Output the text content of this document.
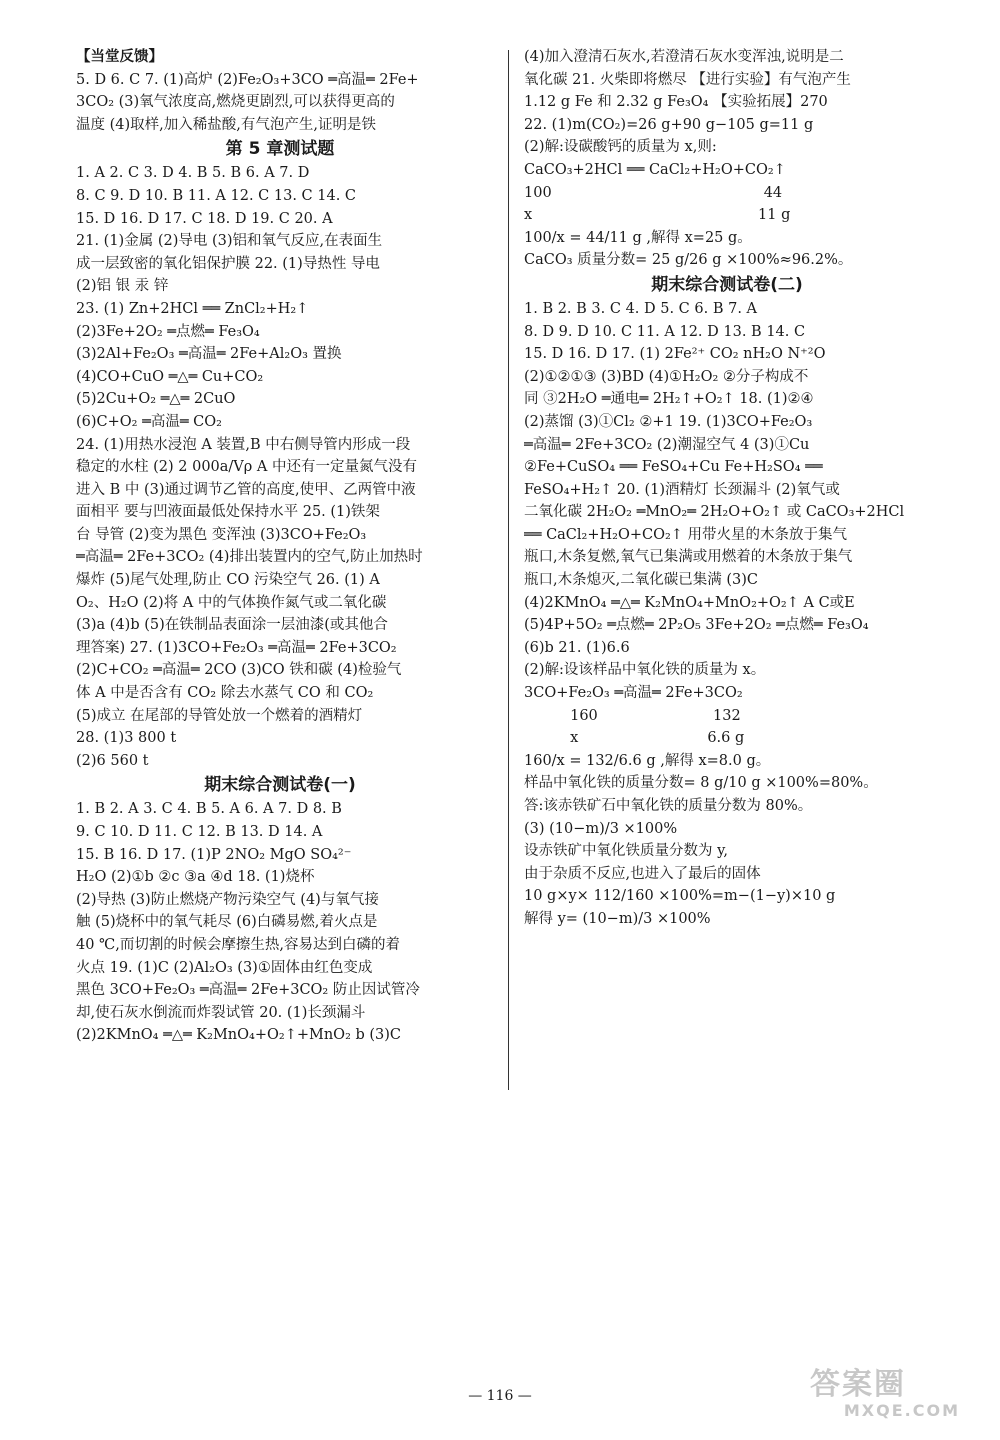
【当堂反馈】
5. D 6. C 7. (1)高炉 (2)Fe₂O₃+3CO ═高温═ 2Fe+
3CO₂ (3)氧气浓度高,燃烧更剧烈,可以获得更高的
温度 (4)取样,加入稀盐酸,有气泡产生,证明是铁
第 5 章测试题
1. A 2. C 3. D 4. B 5. B 6. A 7. D
8. C 9. D 10. B 11. A 12. C 13. C 14. C
15. D 16. D 17. C 18. D 19. C 20. A
21. (1)金属 (2)导电 (3)铝和氧气反应,在表面生
成一层致密的氧化铝保护膜 22. (1)导热性 导电
(2)铝 银 汞 锌
23. (1) Zn+2HCl ══ ZnCl₂+H₂↑
(2)3Fe+2O₂ ═点燃═ Fe₃O₄
(3)2Al+Fe₂O₃ ═高温═ 2Fe+Al₂O₃ 置换
(4)CO+CuO ═△═ Cu+CO₂
(5)2Cu+O₂ ═△═ 2CuO
(6)C+O₂ ═高温═ CO₂
24. (1)用热水浸泡 A 装置,B 中右侧导管内形成一段
稳定的水柱 (2) 2 000a/Vρ A 中还有一定量氮气没有
进入 B 中 (3)通过调节乙管的高度,使甲、乙两管中液
面相平 要与凹液面最低处保持水平 25. (1)铁架
台 导管 (2)变为黑色 变浑浊 (3)3CO+Fe₂O₃
═高温═ 2Fe+3CO₂ (4)排出装置内的空气,防止加热时
爆炸 (5)尾气处理,防止 CO 污染空气 26. (1) A
O₂、H₂O (2)将 A 中的气体换作氮气或二氧化碳
(3)a (4)b (5)在铁制品表面涂一层油漆(或其他合
理答案) 27. (1)3CO+Fe₂O₃ ═高温═ 2Fe+3CO₂
(2)C+CO₂ ═高温═ 2CO (3)CO 铁和碳 (4)检验气
体 A 中是否含有 CO₂ 除去水蒸气 CO 和 CO₂
(5)成立 在尾部的导管处放一个燃着的酒精灯
28. (1)3 800 t
(2)6 560 t
期末综合测试卷(一)
1. B 2. A 3. C 4. B 5. A 6. A 7. D 8. B
9. C 10. D 11. C 12. B 13. D 14. A
15. B 16. D 17. (1)P 2NO₂ MgO SO₄²⁻
H₂O (2)①b ②c ③a ④d 18. (1)烧杯
(2)导热 (3)防止燃烧产物污染空气 (4)与氧气接
触 (5)烧杯中的氧气耗尽 (6)白磷易燃,着火点是
40 ℃,而切割的时候会摩擦生热,容易达到白磷的着
火点 19. (1)C (2)Al₂O₃ (3)①固体由红色变成
黑色 3CO+Fe₂O₃ ═高温═ 2Fe+3CO₂ 防止因试管冷
却,使石灰水倒流而炸裂试管 20. (1)长颈漏斗
(2)2KMnO₄ ═△═ K₂MnO₄+O₂↑+MnO₂ b (3)C
(4)加入澄清石灰水,若澄清石灰水变浑浊,说明是二
氧化碳 21. 火柴即将燃尽 【进行实验】有气泡产生
1.12 g Fe 和 2.32 g Fe₃O₄ 【实验拓展】270
22. (1)m(CO₂)=26 g+90 g−105 g=11 g
(2)解:设碳酸钙的质量为 x,则:
CaCO₃+2HCl ══ CaCl₂+H₂O+CO₂↑
100                                              44
x                                                 11 g
100/x = 44/11 g ,解得 x=25 g。
CaCO₃ 质量分数= 25 g/26 g ×100%≈96.2%。
期末综合测试卷(二)
1. B 2. B 3. C 4. D 5. C 6. B 7. A
8. D 9. D 10. C 11. A 12. D 13. B 14. C
15. D 16. D 17. (1) 2Fe²⁺ CO₂ nH₂O N⁺²O
(2)①②①③ (3)BD (4)①H₂O₂ ②分子构成不
同 ③2H₂O ═通电═ 2H₂↑+O₂↑ 18. (1)②④
(2)蒸馏 (3)①Cl₂ ②+1 19. (1)3CO+Fe₂O₃
═高温═ 2Fe+3CO₂ (2)潮湿空气 4 (3)①Cu
②Fe+CuSO₄ ══ FeSO₄+Cu Fe+H₂SO₄ ══
FeSO₄+H₂↑ 20. (1)酒精灯 长颈漏斗 (2)氧气或
二氧化碳 2H₂O₂ ═MnO₂═ 2H₂O+O₂↑ 或 CaCO₃+2HCl
══ CaCl₂+H₂O+CO₂↑ 用带火星的木条放于集气
瓶口,木条复燃,氧气已集满或用燃着的木条放于集气
瓶口,木条熄灭,二氧化碳已集满 (3)C
(4)2KMnO₄ ═△═ K₂MnO₄+MnO₂+O₂↑ A C或E
(5)4P+5O₂ ═点燃═ 2P₂O₅ 3Fe+2O₂ ═点燃═ Fe₃O₄
(6)b 21. (1)6.6
(2)解:设该样品中氧化铁的质量为 x。
3CO+Fe₂O₃ ═高温═ 2Fe+3CO₂
160                         132
x                            6.6 g
160/x = 132/6.6 g ,解得 x=8.0 g。
样品中氧化铁的质量分数= 8 g/10 g ×100%=80%。
答:该赤铁矿石中氧化铁的质量分数为 80%。
(3) (10−m)/3 ×100%
设赤铁矿中氧化铁质量分数为 y,
由于杂质不反应,也进入了最后的固体
10 g×y× 112/160 ×100%=m−(1−y)×10 g
解得 y= (10−m)/3 ×100%
— 116 —	答案圈
MXQE.COM
